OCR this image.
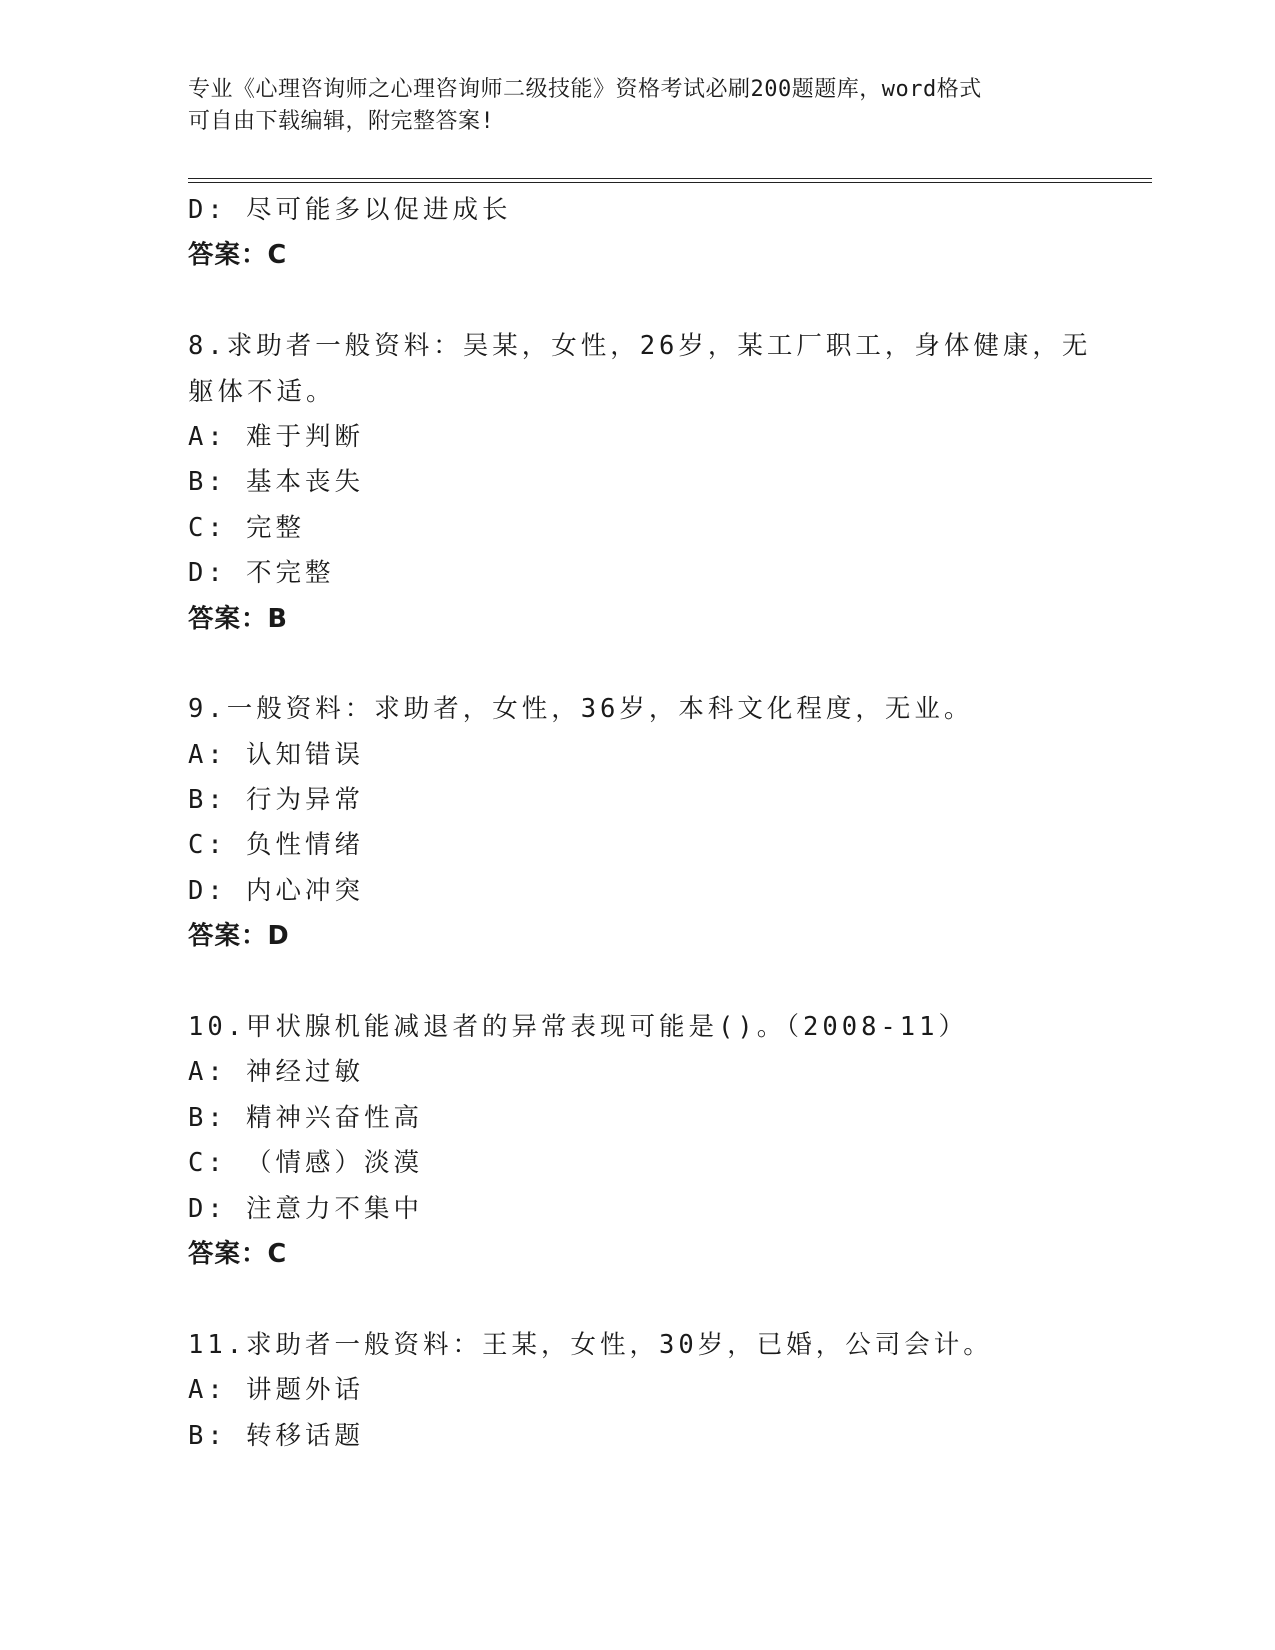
专业《心理咨询师之心理咨询师二级技能》资格考试必刷200题题库，word格式
可自由下载编辑，附完整答案!
D: 尽可能多以促进成长
答案：C
8.求助者一般资料：吴某，女性，26岁，某工厂职工，身体健康，无
躯体不适。
A: 难于判断
B: 基本丧失
C: 完整
D: 不完整
答案：B
9.一般资料：求助者，女性，36岁，本科文化程度，无业。
A: 认知错误
B: 行为异常
C: 负性情绪
D: 内心冲突
答案：D
10.甲状腺机能减退者的异常表现可能是()。（2008-11）
A: 神经过敏
B: 精神兴奋性高
C: （情感）淡漠
D: 注意力不集中
答案：C
11.求助者一般资料：王某，女性，30岁，已婚，公司会计。
A: 讲题外话
B: 转移话题
